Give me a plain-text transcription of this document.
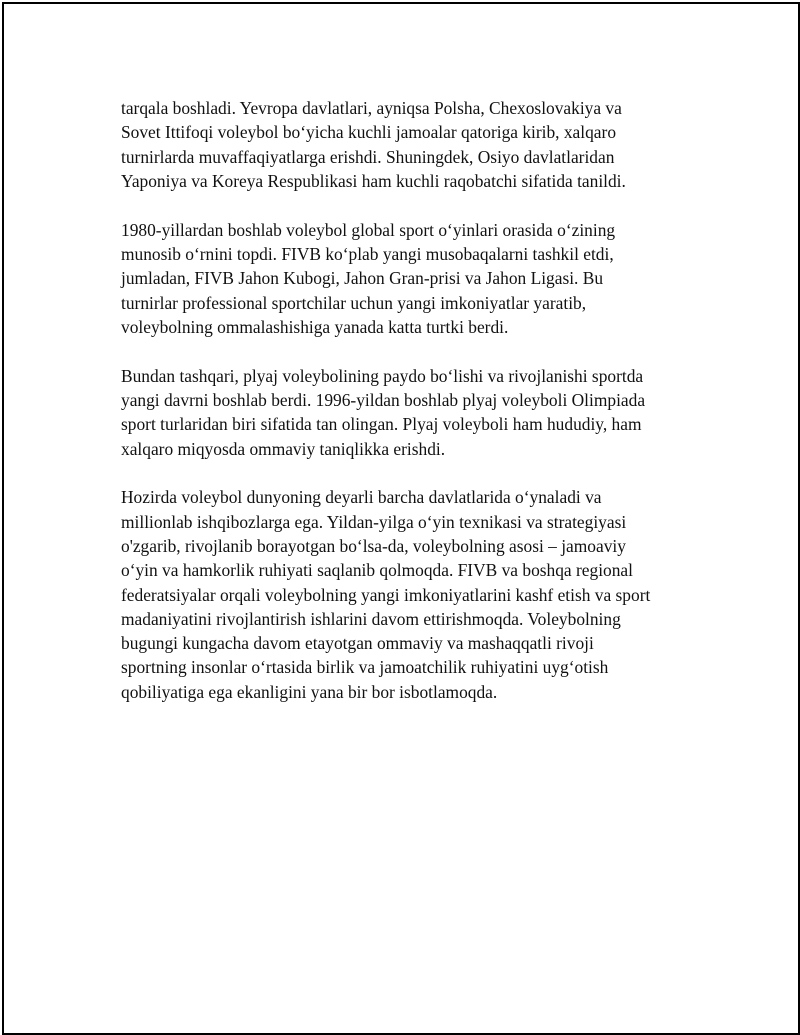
tarqala boshladi. Yevropa davlatlari, ayniqsa Polsha, Chexoslovakiya va
Sovet Ittifoqi voleybol bo‘yicha kuchli jamoalar qatoriga kirib, xalqaro
turnirlarda muvaffaqiyatlarga erishdi. Shuningdek, Osiyo davlatlaridan
Yaponiya va Koreya Respublikasi ham kuchli raqobatchi sifatida tanildi.

1980-yillardan boshlab voleybol global sport o‘yinlari orasida o‘zining
munosib o‘rnini topdi. FIVB ko‘plab yangi musobaqalarni tashkil etdi,
jumladan, FIVB Jahon Kubogi, Jahon Gran-prisi va Jahon Ligasi. Bu
turnirlar professional sportchilar uchun yangi imkoniyatlar yaratib,
voleybolning ommalashishiga yanada katta turtki berdi.

Bundan tashqari, plyaj voleybolining paydo bo‘lishi va rivojlanishi sportda
yangi davrni boshlab berdi. 1996-yildan boshlab plyaj voleyboli Olimpiada
sport turlaridan biri sifatida tan olingan. Plyaj voleyboli ham hududiy, ham
xalqaro miqyosda ommaviy taniqlikka erishdi.

Hozirda voleybol dunyoning deyarli barcha davlatlarida o‘ynaladi va
millionlab ishqibozlarga ega. Yildan-yilga o‘yin texnikasi va strategiyasi
o'zgarib, rivojlanib borayotgan bo‘lsa-da, voleybolning asosi – jamoaviy
o‘yin va hamkorlik ruhiyati saqlanib qolmoqda. FIVB va boshqa regional
federatsiyalar orqali voleybolning yangi imkoniyatlarini kashf etish va sport
madaniyatini rivojlantirish ishlarini davom ettirishmoqda. Voleybolning
bugungi kungacha davom etayotgan ommaviy va mashaqqatli rivoji
sportning insonlar o‘rtasida birlik va jamoatchilik ruhiyatini uyg‘otish
qobiliyatiga ega ekanligini yana bir bor isbotlamoqda.
